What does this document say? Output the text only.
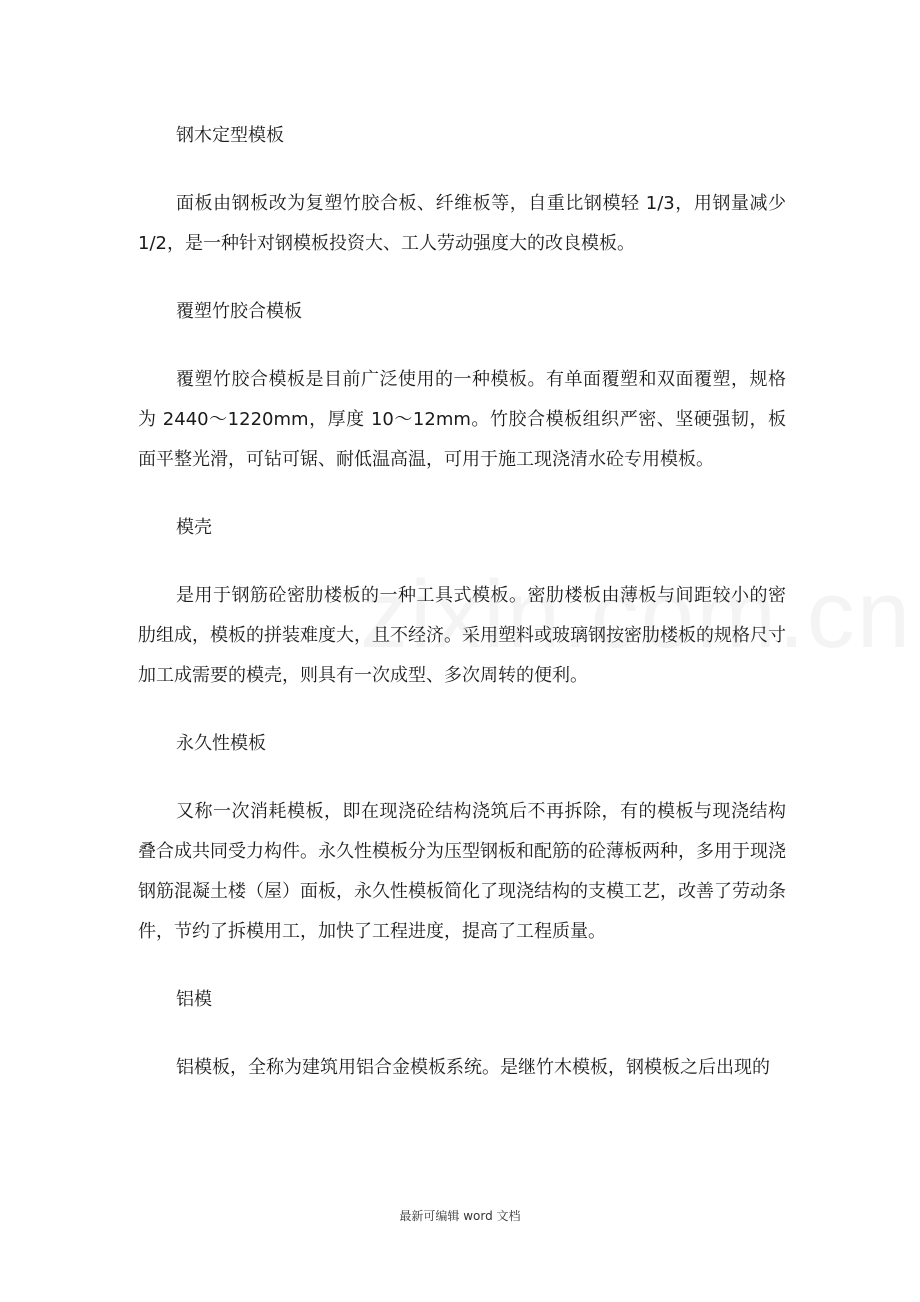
钢木定型模板

面板由钢板改为复塑竹胶合板、纤维板等，自重比钢模轻 1/3，用钢量减少 1/2，是一种针对钢模板投资大、工人劳动强度大的改良模板。

覆塑竹胶合模板

覆塑竹胶合模板是目前广泛使用的一种模板。有单面覆塑和双面覆塑，规格为 2440～1220mm，厚度 10～12mm。竹胶合模板组织严密、坚硬强韧，板面平整光滑，可钻可锯、耐低温高温，可用于施工现浇清水砼专用模板。

模壳

是用于钢筋砼密肋楼板的一种工具式模板。密肋楼板由薄板与间距较小的密肋组成，模板的拼装难度大，且不经济。采用塑料或玻璃钢按密肋楼板的规格尺寸加工成需要的模壳，则具有一次成型、多次周转的便利。

永久性模板

又称一次消耗模板，即在现浇砼结构浇筑后不再拆除，有的模板与现浇结构叠合成共同受力构件。永久性模板分为压型钢板和配筋的砼薄板两种，多用于现浇钢筋混凝土楼（屋）面板，永久性模板简化了现浇结构的支模工艺，改善了劳动条件，节约了拆模用工，加快了工程进度，提高了工程质量。

铝模

铝模板，全称为建筑用铝合金模板系统。是继竹木模板，钢模板之后出现的

最新可编辑 word 文档
